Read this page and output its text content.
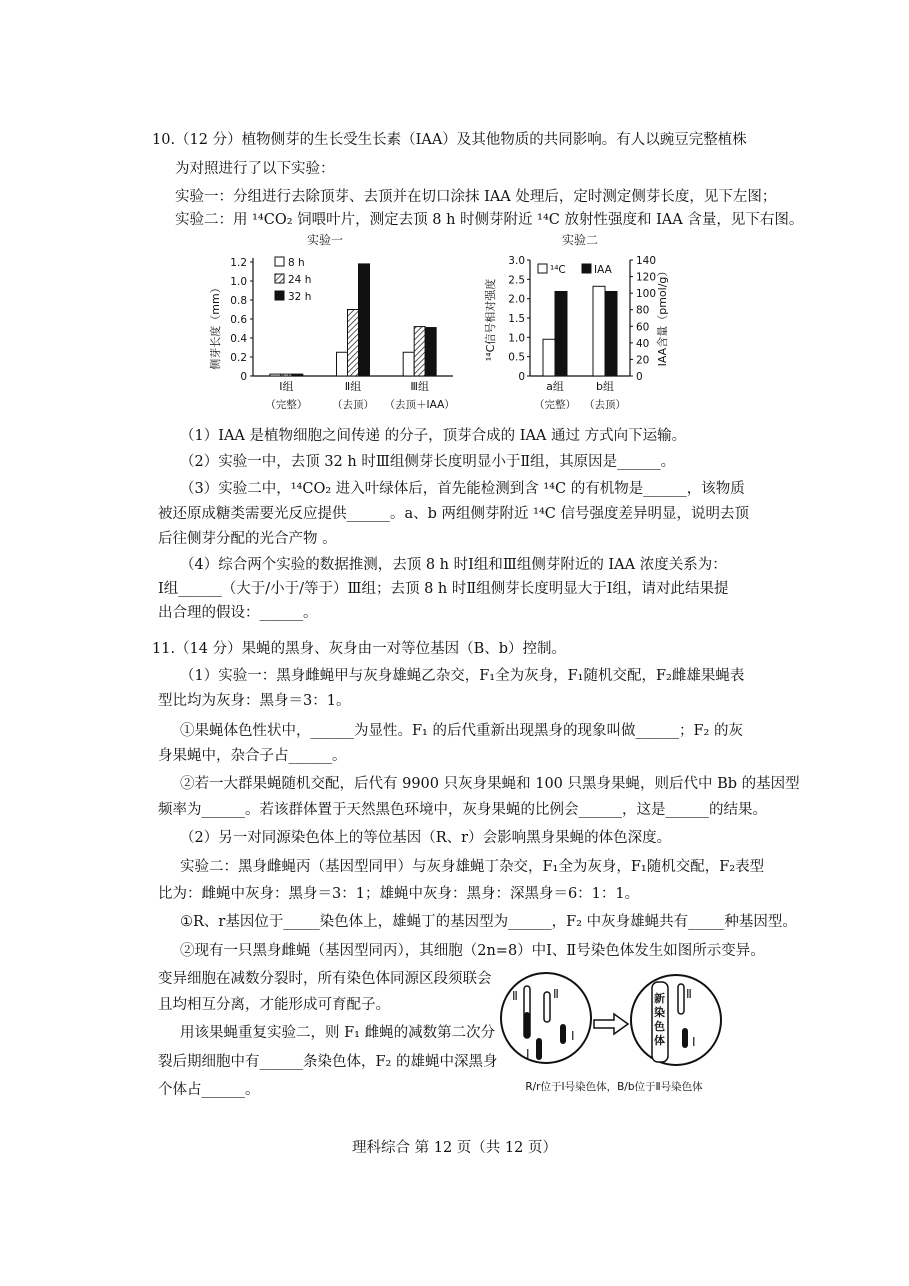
10.（12 分）植物侧芽的生长受生长素（IAA）及其他物质的共同影响。有人以豌豆完整植株
为对照进行了以下实验：
实验一：分组进行去除顶芽、去顶并在切口涂抹 IAA 处理后，定时测定侧芽长度，见下左图；
实验二：用 ¹⁴CO₂ 饲喂叶片，测定去顶 8 h 时侧芽附近 ¹⁴C 放射性强度和 IAA 含量，见下右图。
实验一
侧芽长度（mm）
0
0.2
0.4
0.6
0.8
1.0
1.2
Ⅰ组
（完整）
Ⅱ组
（去顶）
Ⅲ组
（去顶＋IAA）
8 h
24 h
32 h
实验二
¹⁴C信号相对强度	IAA含量（pmol/g）
0
0.5
1.0
1.5
2.0
2.5
3.0
0
20
40
60
80
100
120
140
a组
（完整）
b组
（去顶）
¹⁴C	IAA
（1）IAA 是植物细胞之间传递 的分子，顶芽合成的 IAA 通过 方式向下运输。
（2）实验一中，去顶 32 h 时Ⅲ组侧芽长度明显小于Ⅱ组，其原因是______。
（3）实验二中，¹⁴CO₂ 进入叶绿体后，首先能检测到含 ¹⁴C 的有机物是______，该物质
被还原成糖类需要光反应提供______。a、b 两组侧芽附近 ¹⁴C 信号强度差异明显，说明去顶
后往侧芽分配的光合产物 。
（4）综合两个实验的数据推测，去顶 8 h 时Ⅰ组和Ⅲ组侧芽附近的 IAA 浓度关系为：
Ⅰ组______（大于/小于/等于）Ⅲ组；去顶 8 h 时Ⅱ组侧芽长度明显大于Ⅰ组，请对此结果提
出合理的假设：______。
11.（14 分）果蝇的黑身、灰身由一对等位基因（B、b）控制。
（1）实验一：黑身雌蝇甲与灰身雄蝇乙杂交，F₁全为灰身，F₁随机交配，F₂雌雄果蝇表
型比均为灰身：黑身＝3：1。
①果蝇体色性状中，______为显性。F₁ 的后代重新出现黑身的现象叫做______；F₂ 的灰
身果蝇中，杂合子占______。
②若一大群果蝇随机交配，后代有 9900 只灰身果蝇和 100 只黑身果蝇，则后代中 Bb 的基因型
频率为______。若该群体置于天然黑色环境中，灰身果蝇的比例会______，这是______的结果。
（2）另一对同源染色体上的等位基因（R、r）会影响黑身果蝇的体色深度。
实验二：黑身雌蝇丙（基因型同甲）与灰身雄蝇丁杂交，F₁全为灰身，F₁随机交配，F₂表型
比为：雌蝇中灰身：黑身＝3：1；雄蝇中灰身：黑身：深黑身＝6：1：1。
①R、r基因位于_____染色体上，雄蝇丁的基因型为______，F₂ 中灰身雄蝇共有_____种基因型。
②现有一只黑身雌蝇（基因型同丙），其细胞（2n=8）中Ⅰ、Ⅱ号染色体发生如图所示变异。
变异细胞在减数分裂时，所有染色体同源区段须联会
且均相互分离，才能形成可育配子。
用该果蝇重复实验二，则 F₁ 雌蝇的减数第二次分
裂后期细胞中有______条染色体，F₂ 的雄蝇中深黑身
个体占______。
Ⅱ	Ⅱ
Ⅰ
Ⅰ
新
染
色
体
Ⅱ
Ⅰ
R/r位于Ⅰ号染色体，B/b位于Ⅱ号染色体
理科综合 第 12 页（共 12 页）
